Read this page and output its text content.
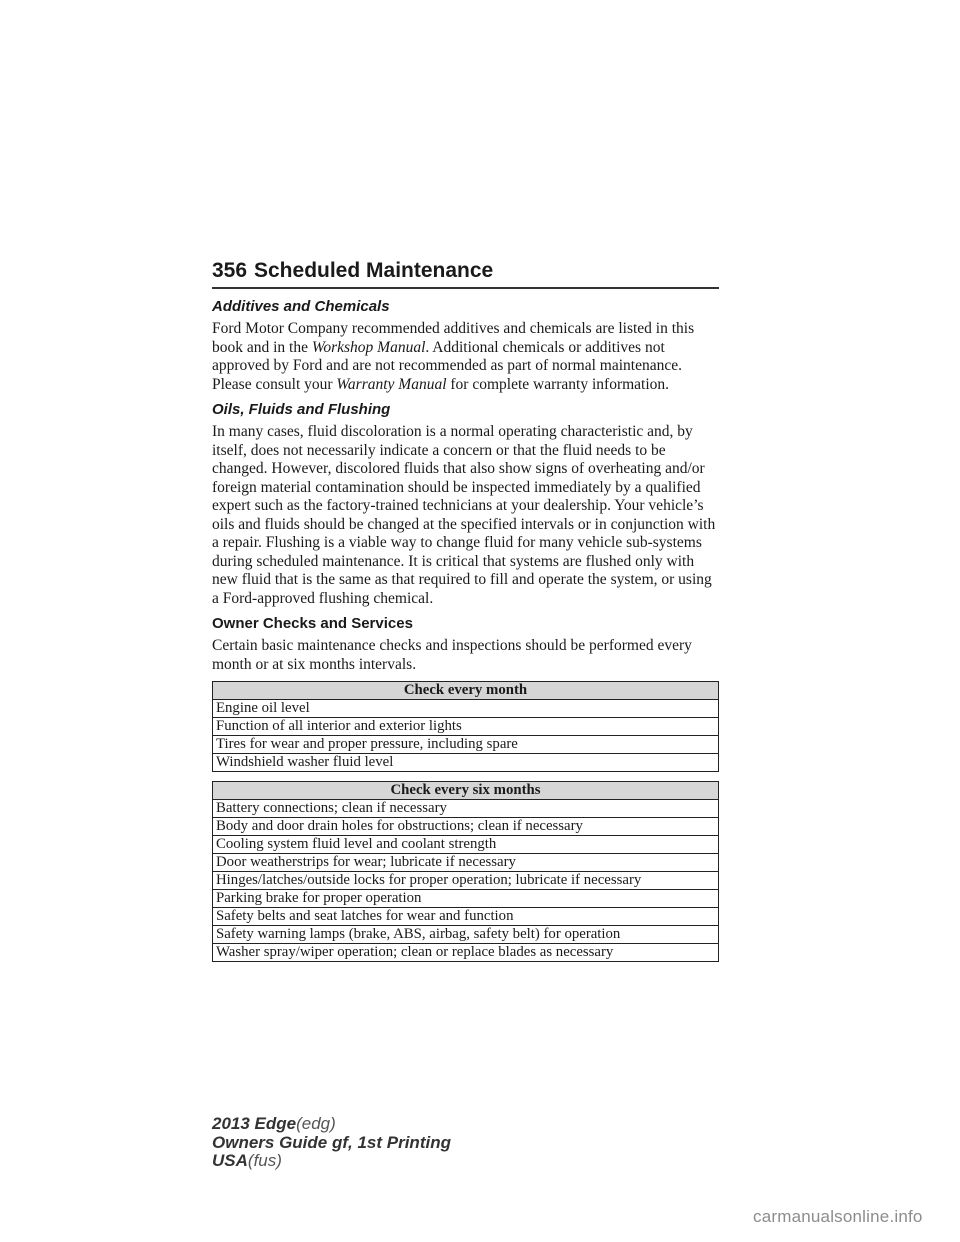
356 Scheduled Maintenance
Additives and Chemicals

Ford Motor Company recommended additives and chemicals are listed in this book and in the Workshop Manual. Additional chemicals or additives not approved by Ford and are not recommended as part of normal maintenance. Please consult your Warranty Manual for complete warranty information.

Oils, Fluids and Flushing

In many cases, fluid discoloration is a normal operating characteristic and, by itself, does not necessarily indicate a concern or that the fluid needs to be changed. However, discolored fluids that also show signs of overheating and/or foreign material contamination should be inspected immediately by a qualified expert such as the factory-trained technicians at your dealership. Your vehicle’s oils and fluids should be changed at the specified intervals or in conjunction with a repair. Flushing is a viable way to change fluid for many vehicle sub-systems during scheduled maintenance. It is critical that systems are flushed only with new fluid that is the same as that required to fill and operate the system, or using a Ford-approved flushing chemical.

Owner Checks and Services

Certain basic maintenance checks and inspections should be performed every month or at six months intervals.

Check every month
Engine oil level
Function of all interior and exterior lights
Tires for wear and proper pressure, including spare
Windshield washer fluid level
Check every six months
Battery connections; clean if necessary
Body and door drain holes for obstructions; clean if necessary
Cooling system fluid level and coolant strength
Door weatherstrips for wear; lubricate if necessary
Hinges/latches/outside locks for proper operation; lubricate if necessary
Parking brake for proper operation
Safety belts and seat latches for wear and function
Safety warning lamps (brake, ABS, airbag, safety belt) for operation
Washer spray/wiper operation; clean or replace blades as necessary
2013 Edge(edg)
Owners Guide gf, 1st Printing
USA(fus)
carmanualsonline.info
